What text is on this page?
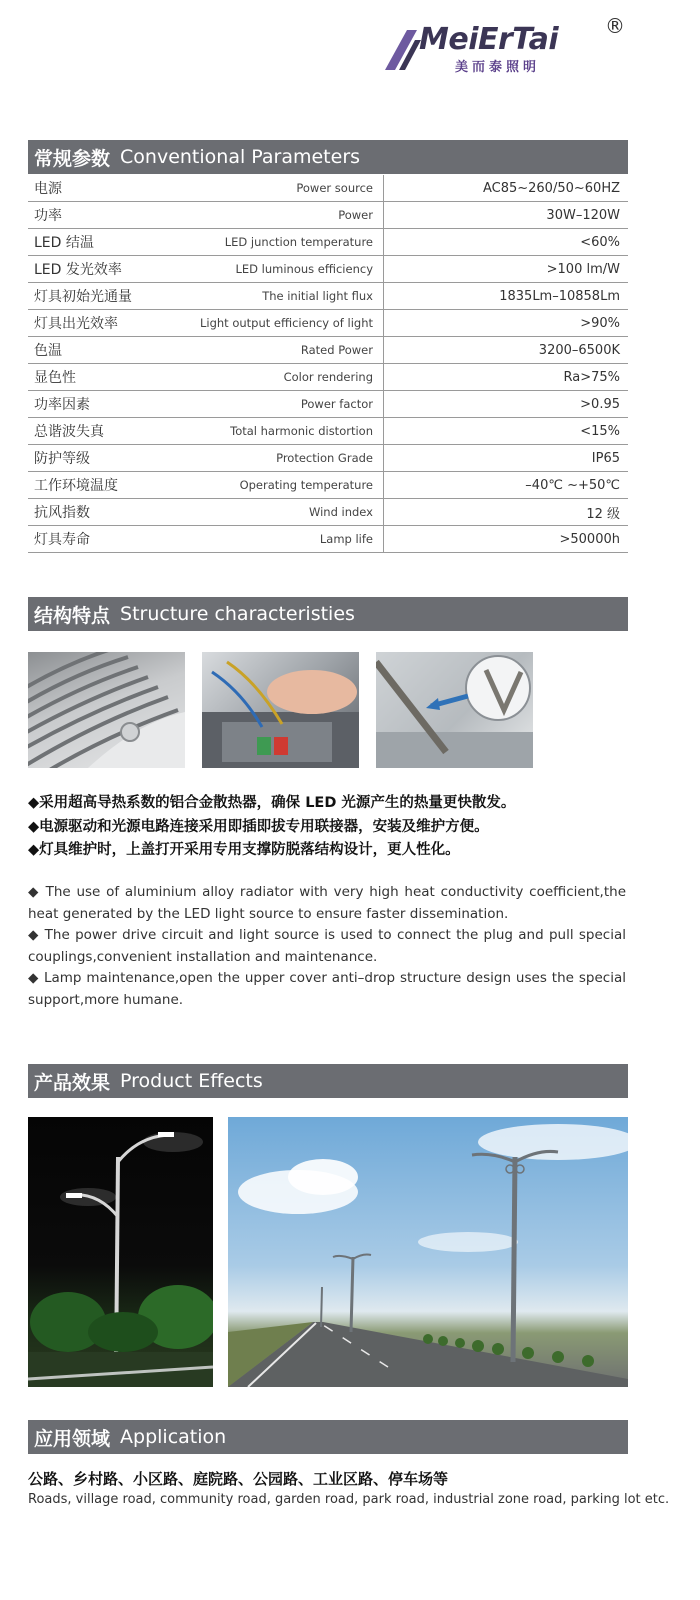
MeiErTai
美而泰照明
®
常规参数 Conventional Parameters
电源	Power source	AC85~260/50~60HZ
功率	Power	30W–120W
LED 结温	LED junction temperature	<60%
LED 发光效率	LED luminous efficiency	>100 lm/W
灯具初始光通量	The initial light flux	1835Lm–10858Lm
灯具出光效率	Light output efficiency of light	>90%
色温	Rated Power	3200–6500K
显色性	Color rendering	Ra>75%
功率因素	Power factor	>0.95
总谐波失真	Total harmonic distortion	<15%
防护等级	Protection Grade	IP65
工作环境温度	Operating temperature	–40℃ ~+50℃
抗风指数	Wind index	12 级
灯具寿命	Lamp life	>50000h
结构特点 Structure characteristies
◆采用超高导热系数的铝合金散热器，确保 LED 光源产生的热量更快散发。
◆电源驱动和光源电路连接采用即插即拔专用联接器，安装及维护方便。
◆灯具维护时，上盖打开采用专用支撑防脱落结构设计，更人性化。

◆ The use of aluminium alloy radiator with very high heat conductivity coefficient,the heat generated by the LED light source to ensure faster dissemination.

◆ The power drive circuit and light source is used to connect the plug and pull special couplings,convenient installation and maintenance.

◆ Lamp maintenance,open the upper cover anti–drop structure design uses the special support,more humane.

产品效果 Product Effects
应用领域 Application
公路、乡村路、小区路、庭院路、公园路、工业区路、停车场等
Roads, village road, community road, garden road, park road, industrial zone road, parking lot etc.
